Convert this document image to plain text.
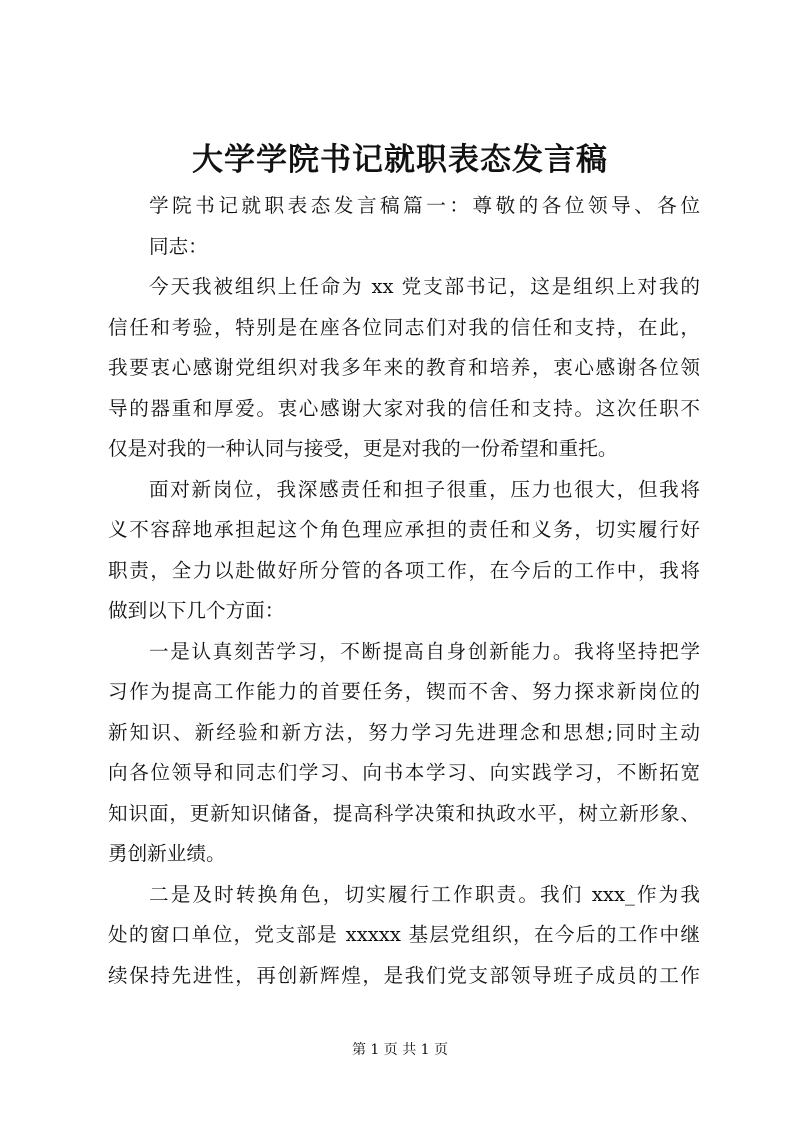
大学学院书记就职表态发言稿
学院书记就职表态发言稿篇一：尊敬的各位领导、各位
同志：
今天我被组织上任命为 xx 党支部书记，这是组织上对我的
信任和考验，特别是在座各位同志们对我的信任和支持，在此，
我要衷心感谢党组织对我多年来的教育和培养，衷心感谢各位领
导的器重和厚爱。衷心感谢大家对我的信任和支持。这次任职不
仅是对我的一种认同与接受，更是对我的一份希望和重托。
面对新岗位，我深感责任和担子很重，压力也很大，但我将
义不容辞地承担起这个角色理应承担的责任和义务，切实履行好
职责，全力以赴做好所分管的各项工作，在今后的工作中，我将
做到以下几个方面：
一是认真刻苦学习，不断提高自身创新能力。我将坚持把学
习作为提高工作能力的首要任务，锲而不舍、努力探求新岗位的
新知识、新经验和新方法，努力学习先进理念和思想;同时主动
向各位领导和同志们学习、向书本学习、向实践学习，不断拓宽
知识面，更新知识储备，提高科学决策和执政水平，树立新形象、
勇创新业绩。
二是及时转换角色，切实履行工作职责。我们 xxx_作为我
处的窗口单位，党支部是 xxxxx 基层党组织，在今后的工作中继
续保持先进性，再创新辉煌，是我们党支部领导班子成员的工作
第 1 页 共 1 页
